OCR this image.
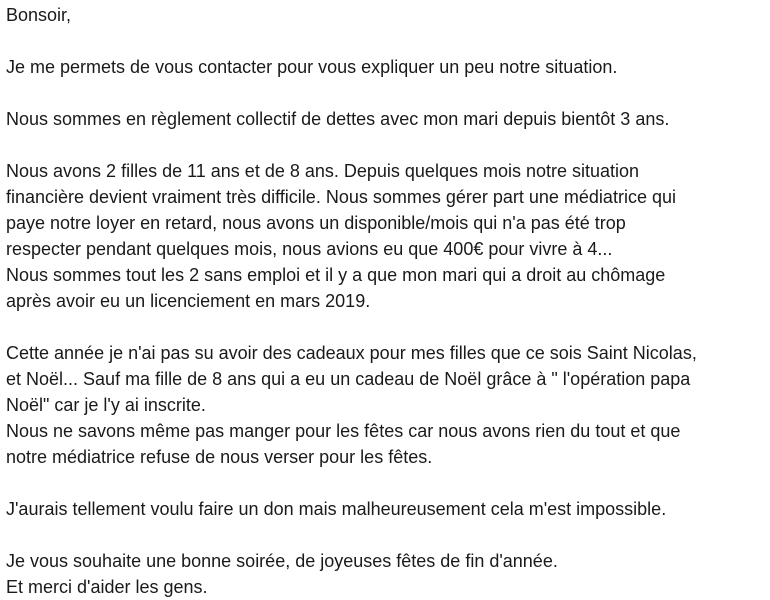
Bonsoir,
Je me permets de vous contacter pour vous expliquer un peu notre situation.
Nous sommes en règlement collectif de dettes avec mon mari depuis bientôt 3 ans.
Nous avons 2 filles de 11 ans et de 8 ans. Depuis quelques mois notre situation
financière devient vraiment très difficile. Nous sommes gérer part une médiatrice qui
paye notre loyer en retard, nous avons un disponible/mois qui n'a pas été trop
respecter pendant quelques mois, nous avions eu que 400€ pour vivre à 4...
Nous sommes tout les 2 sans emploi et il y a que mon mari qui a droit au chômage
après avoir eu un licenciement en mars 2019.
Cette année je n'ai pas su avoir des cadeaux pour mes filles que ce sois Saint Nicolas,
et Noël... Sauf ma fille de 8 ans qui a eu un cadeau de Noël grâce à " l'opération papa
Noël" car je l'y ai inscrite.
Nous ne savons même pas manger pour les fêtes car nous avons rien du tout et que
notre médiatrice refuse de nous verser pour les fêtes.
J'aurais tellement voulu faire un don mais malheureusement cela m'est impossible.
Je vous souhaite une bonne soirée, de joyeuses fêtes de fin d'année.
Et merci d'aider les gens.
